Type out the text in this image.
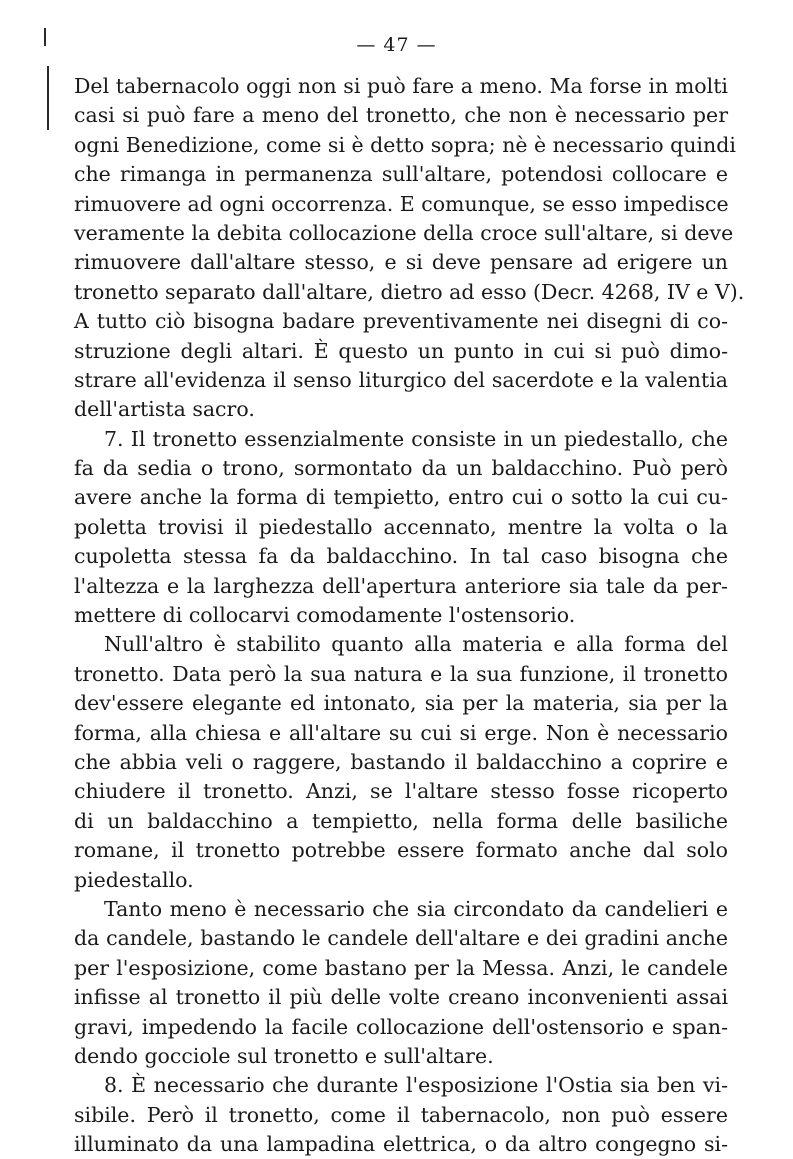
— 47 —
Del tabernacolo oggi non si può fare a meno. Ma forse in molti
casi si può fare a meno del tronetto, che non è necessario per
ogni Benedizione, come si è detto sopra; nè è necessario quindi
che rimanga in permanenza sull'altare, potendosi collocare e
rimuovere ad ogni occorrenza. E comunque, se esso impedisce
veramente la debita collocazione della croce sull'altare, si deve
rimuovere dall'altare stesso, e si deve pensare ad erigere un
tronetto separato dall'altare, dietro ad esso (Decr. 4268, IV e V).
A tutto ciò bisogna badare preventivamente nei disegni di co-
struzione degli altari. È questo un punto in cui si può dimo-
strare all'evidenza il senso liturgico del sacerdote e la valentia
dell'artista sacro.
7. Il tronetto essenzialmente consiste in un piedestallo, che
fa da sedia o trono, sormontato da un baldacchino. Può però
avere anche la forma di tempietto, entro cui o sotto la cui cu-
poletta trovisi il piedestallo accennato, mentre la volta o la
cupoletta stessa fa da baldacchino. In tal caso bisogna che
l'altezza e la larghezza dell'apertura anteriore sia tale da per-
mettere di collocarvi comodamente l'ostensorio.
Null'altro è stabilito quanto alla materia e alla forma del
tronetto. Data però la sua natura e la sua funzione, il tronetto
dev'essere elegante ed intonato, sia per la materia, sia per la
forma, alla chiesa e all'altare su cui si erge. Non è necessario
che abbia veli o raggere, bastando il baldacchino a coprire e
chiudere il tronetto. Anzi, se l'altare stesso fosse ricoperto
di un baldacchino a tempietto, nella forma delle basiliche
romane, il tronetto potrebbe essere formato anche dal solo
piedestallo.
Tanto meno è necessario che sia circondato da candelieri e
da candele, bastando le candele dell'altare e dei gradini anche
per l'esposizione, come bastano per la Messa. Anzi, le candele
infisse al tronetto il più delle volte creano inconvenienti assai
gravi, impedendo la facile collocazione dell'ostensorio e span-
dendo gocciole sul tronetto e sull'altare.
8. È necessario che durante l'esposizione l'Ostia sia ben vi-
sibile. Però il tronetto, come il tabernacolo, non può essere
illuminato da una lampadina elettrica, o da altro congegno si-
